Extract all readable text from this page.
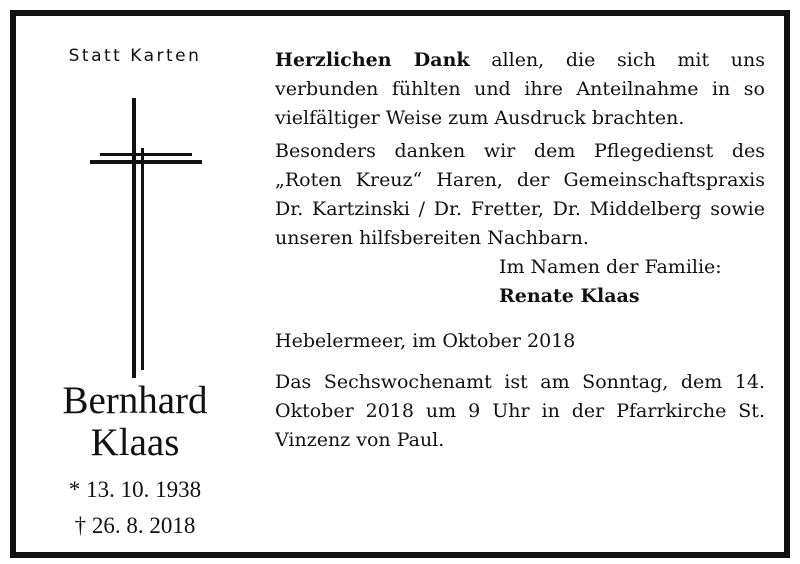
Statt Karten
Bernhard
Klaas
* 13. 10. 1938
† 26. 8. 2018

Herzlichen Dank allen, die sich mit uns verbunden fühlten und ihre Anteilnahme in so vielfältiger Weise zum Ausdruck brachten.

Besonders danken wir dem Pflegedienst des „Roten Kreuz“ Haren, der Gemeinschaftspraxis Dr. Kartzinski / Dr. Fretter, Dr. Middelberg sowie unseren hilfsbereiten Nachbarn.

Im Namen der Familie:
Renate Klaas

Hebelermeer, im Oktober 2018

Das Sechswochenamt ist am Sonntag, dem 14. Oktober 2018 um 9 Uhr in der Pfarrkirche St. Vinzenz von Paul.
